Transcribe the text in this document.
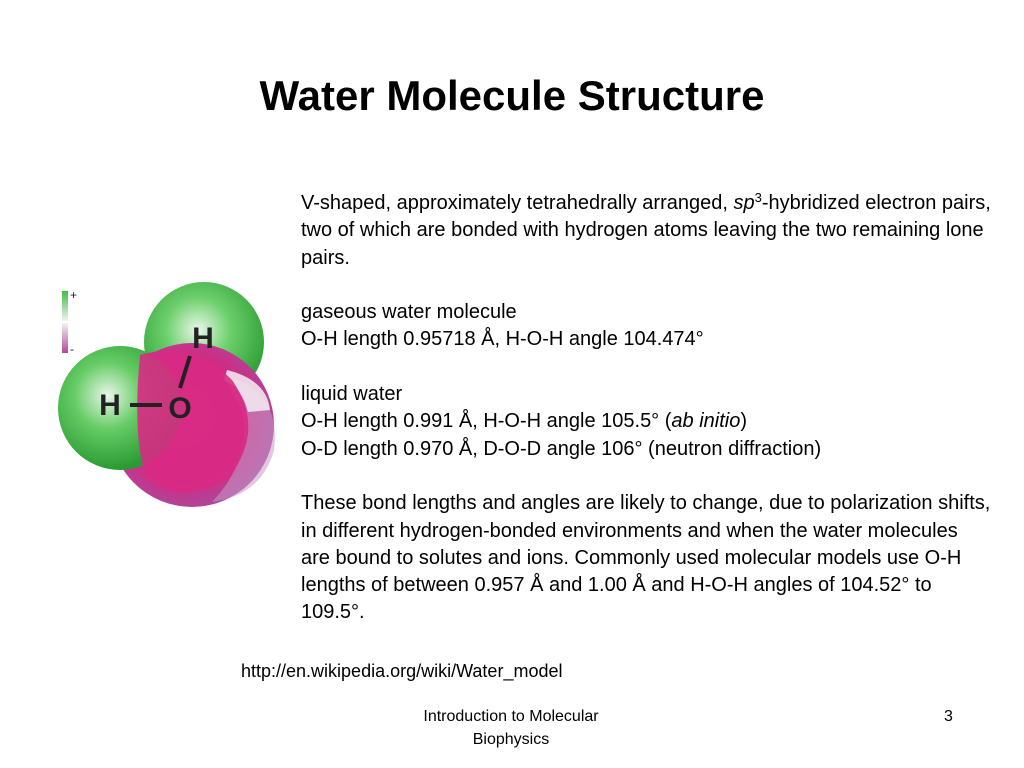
Water Molecule Structure
H
H O
+
-

V-shaped, approximately tetrahedrally arranged, $sp^3$-hybridized electron pairs, two of which are bonded with hydrogen atoms leaving the two remaining lone pairs.

gaseous water molecule

O-H length 0.95718 Å, H-O-H angle 104.474°

liquid water

O-H length 0.991 Å, H-O-H angle 105.5° (ab initio)

O-D length 0.970 Å, D-O-D angle 106° (neutron diffraction)

These bond lengths and angles are likely to change, due to polarization shifts, in different hydrogen-bonded environments and when the water molecules are bound to solutes and ions. Commonly used molecular models use O-H lengths of between 0.957 Å and 1.00 Å and H-O-H angles of 104.52° to 109.5°.

http://en.wikipedia.org/wiki/Water_model
Introduction to Molecular
Biophysics
3
